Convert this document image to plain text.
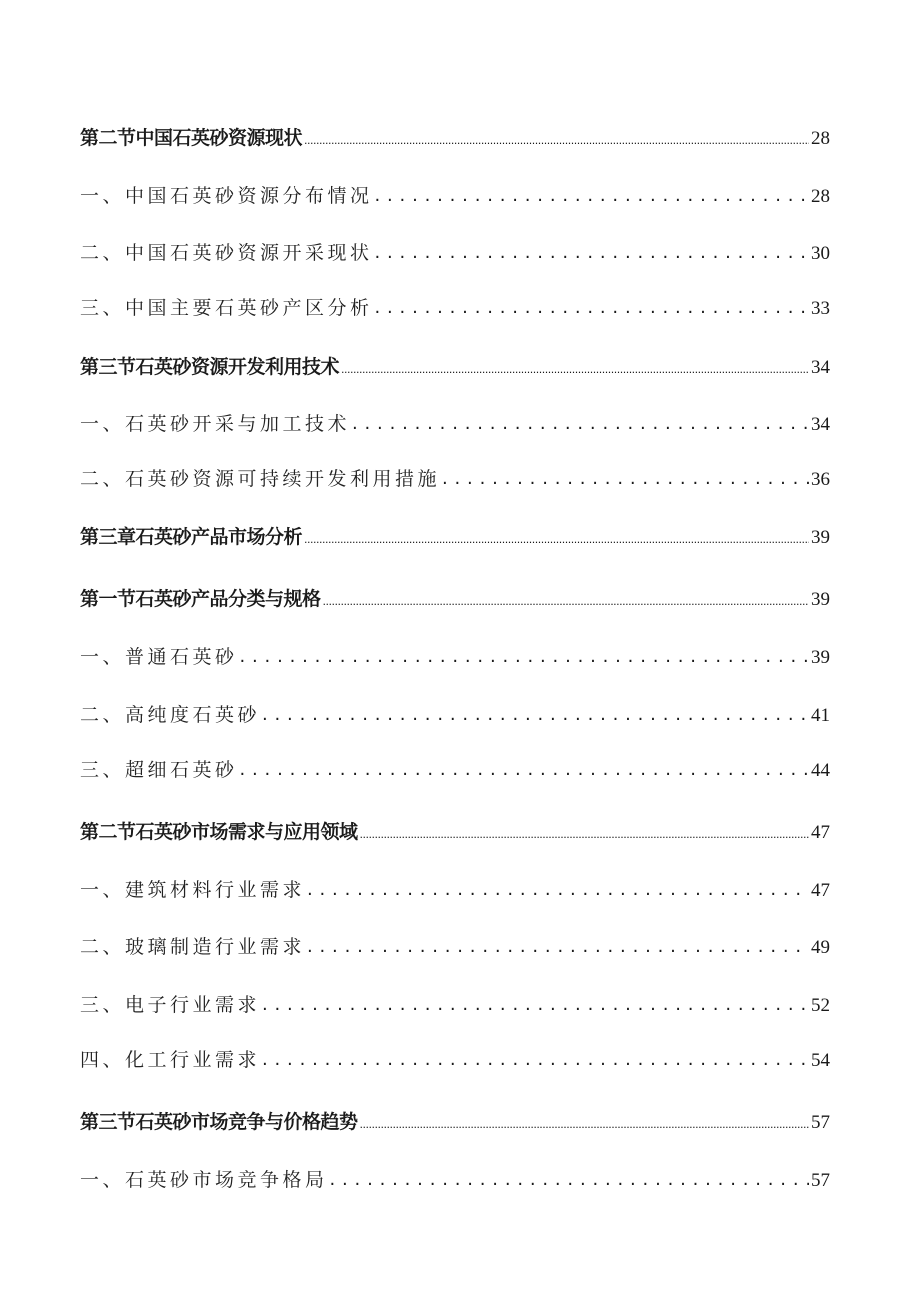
第二节中国石英砂资源现状 .....	28
一、中国石英砂资源分布情况 .....	28
二、中国石英砂资源开采现状 .....	30
三、中国主要石英砂产区分析 .....	33
第三节石英砂资源开发利用技术 .....	34
一、石英砂开采与加工技术 .....	34
二、石英砂资源可持续开发利用措施 .....	36
第三章石英砂产品市场分析 .....	39
第一节石英砂产品分类与规格 .....	39
一、普通石英砂 .....	39
二、高纯度石英砂 .....	41
三、超细石英砂 .....	44
第二节石英砂市场需求与应用领域 .....	47
一、建筑材料行业需求 .....	47
二、玻璃制造行业需求 .....	49
三、电子行业需求 .....	52
四、化工行业需求 .....	54
第三节石英砂市场竞争与价格趋势 .....	57
一、石英砂市场竞争格局 .....	57
